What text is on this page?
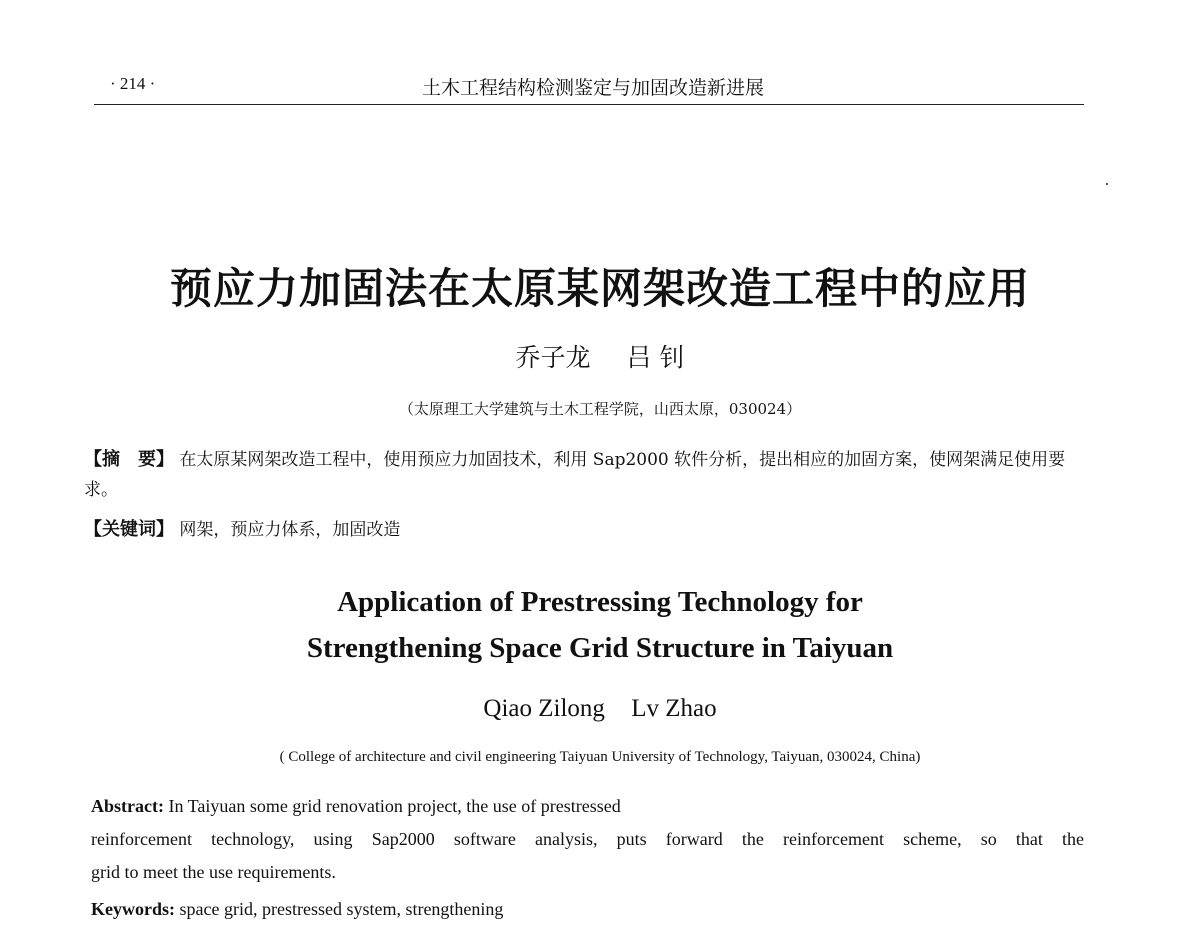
· 214 ·	土木工程结构检测鉴定与加固改造新进展
预应力加固法在太原某网架改造工程中的应用
乔子龙 吕 钊
（太原理工大学建筑与土木工程学院，山西太原，030024）
【摘　要】 在太原某网架改造工程中，使用预应力加固技术，利用 Sap2000 软件分析，提出相应的加固方案，使网架满足使用要求。
【关键词】 网架，预应力体系，加固改造
Application of Prestressing Technology for
Strengthening Space Grid Structure in Taiyuan
Qiao Zilong Lv Zhao
( College of architecture and civil engineering Taiyuan University of Technology, Taiyuan, 030024, China)
Abstract: In Taiyuan some grid renovation project, the use of prestressed
reinforcement technology, using Sap2000 software analysis, puts forward the reinforcement scheme, so that the
grid to meet the use requirements.
Keywords: space grid, prestressed system, strengthening
